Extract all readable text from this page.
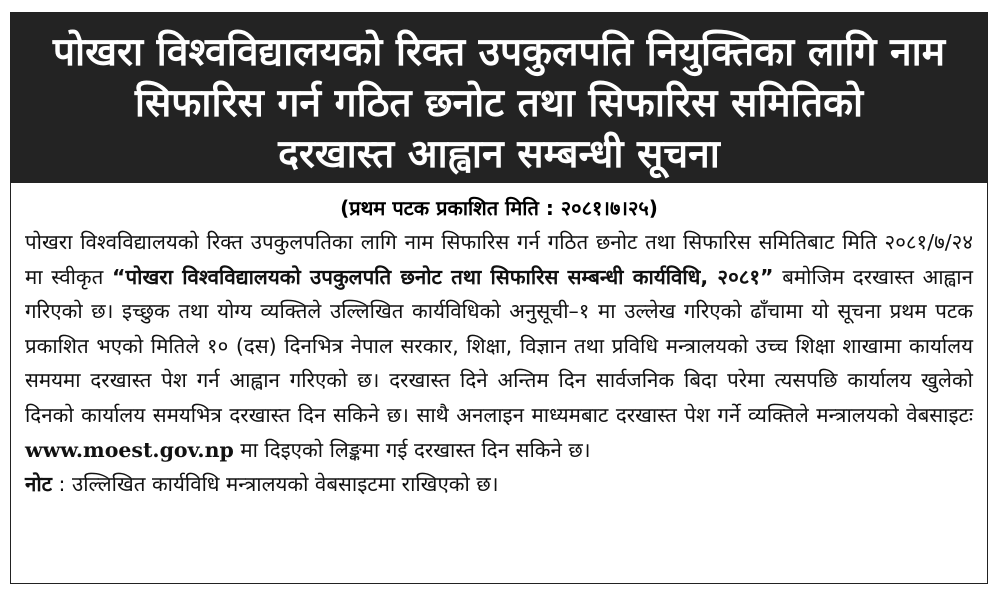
पोखरा विश्वविद्यालयको रिक्त उपकुलपति नियुक्तिका लागि नाम
सिफारिस गर्न गठित छनोट तथा सिफारिस समितिको
दरखास्त आह्वान सम्बन्धी सूचना
(प्रथम पटक प्रकाशित मिति : २०८१।७।२५)

पोखरा विश्वविद्यालयको रिक्त उपकुलपतिका लागि नाम सिफारिस गर्न गठित छनोट तथा सिफारिस समितिबाट मिति २०८१/७/२४ मा स्वीकृत “पोखरा विश्वविद्यालयको उपकुलपति छनोट तथा सिफारिस सम्बन्धी कार्यविधि, २०८१” बमोजिम दरखास्त आह्वान गरिएको छ। इच्छुक तथा योग्य व्यक्तिले उल्लिखित कार्यविधिको अनुसूची–१ मा उल्लेख गरिएको ढाँचामा यो सूचना प्रथम पटक प्रकाशित भएको मितिले १० (दस) दिनभित्र नेपाल सरकार, शिक्षा, विज्ञान तथा प्रविधि मन्त्रालयको उच्च शिक्षा शाखामा कार्यालय समयमा दरखास्त पेश गर्न आह्वान गरिएको छ। दरखास्त दिने अन्तिम दिन सार्वजनिक बिदा परेमा त्यसपछि कार्यालय खुलेको दिनको कार्यालय समयभित्र दरखास्त दिन सकिने छ। साथै अनलाइन माध्यमबाट दरखास्त पेश गर्ने व्यक्तिले मन्त्रालयको वेबसाइटः www.moest.gov.np मा दिइएको लिङ्कमा गई दरखास्त दिन सकिने छ।

नोट : उल्लिखित कार्यविधि मन्त्रालयको वेबसाइटमा राखिएको छ।
